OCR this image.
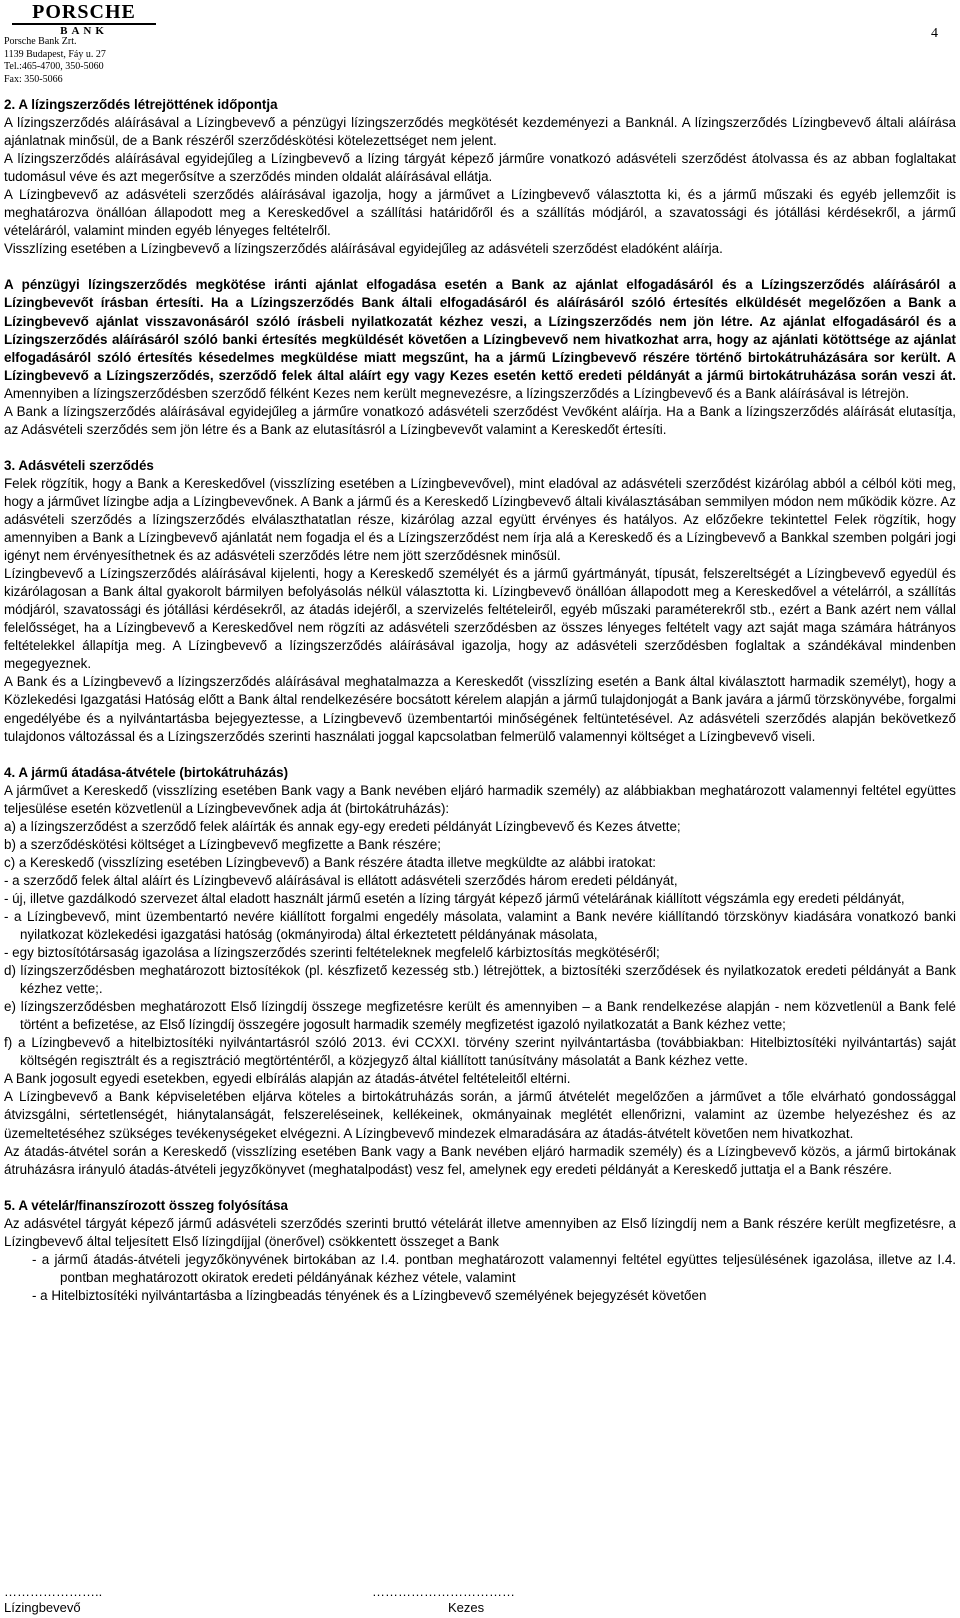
PORSCHE
BANK
Porsche Bank Zrt.
1139 Budapest, Fáy u. 27
Tel.:465-4700, 350-5060
Fax: 350-5066
4
2. A lízingszerződés létrejöttének időpontja

A lízingszerződés aláírásával a Lízingbevevő a pénzügyi lízingszerződés megkötését kezdeményezi a Banknál. A lízingszerződés Lízingbevevő általi aláírása ajánlatnak minősül, de a Bank részéről szerződéskötési kötelezettséget nem jelent.

A lízingszerződés aláírásával egyidejűleg a Lízingbevevő a lízing tárgyát képező járműre vonatkozó adásvételi szerződést átolvassa és az abban foglaltakat tudomásul véve és azt megerősítve a szerződés minden oldalát aláírásával ellátja.

A Lízingbevevő az adásvételi szerződés aláírásával igazolja, hogy a járművet a Lízingbevevő választotta ki, és a jármű műszaki és egyéb jellemzőit is meghatározva önállóan állapodott meg a Kereskedővel a szállítási határidőről és a szállítás módjáról, a szavatossági és jótállási kérdésekről, a jármű vételáráról, valamint minden egyéb lényeges feltételről.

Visszlízing esetében a Lízingbevevő a lízingszerződés aláírásával egyidejűleg az adásvételi szerződést eladóként aláírja.

A pénzügyi lízingszerződés megkötése iránti ajánlat elfogadása esetén a Bank az ajánlat elfogadásáról és a Lízingszerződés aláírásáról a Lízingbevevőt írásban értesíti. Ha a Lízingszerződés Bank általi elfogadásáról és aláírásáról szóló értesítés elküldését megelőzően a Bank a Lízingbevevő ajánlat visszavonásáról szóló írásbeli nyilatkozatát kézhez veszi, a Lízingszerződés nem jön létre. Az ajánlat elfogadásáról és a Lízingszerződés aláírásáról szóló banki értesítés megküldését követően a Lízingbevevő nem hivatkozhat arra, hogy az ajánlati kötöttsége az ajánlat elfogadásáról szóló értesítés késedelmes megküldése miatt megszűnt, ha a jármű Lízingbevevő részére történő birtokátruházására sor került. A Lízingbevevő a Lízingszerződés, szerződő felek által aláírt egy vagy Kezes esetén kettő eredeti példányát a jármű birtokátruházása során veszi át. Amennyiben a lízingszerződésben szerződő félként Kezes nem került megnevezésre, a lízingszerződés a Lízingbevevő és a Bank aláírásával is létrejön.

A Bank a lízingszerződés aláírásával egyidejűleg a járműre vonatkozó adásvételi szerződést Vevőként aláírja. Ha a Bank a lízingszerződés aláírását elutasítja, az Adásvételi szerződés sem jön létre és a Bank az elutasításról a Lízingbevevőt valamint a Kereskedőt értesíti.

3. Adásvételi szerződés

Felek rögzítik, hogy a Bank a Kereskedővel (visszlízing esetében a Lízingbevevővel), mint eladóval az adásvételi szerződést kizárólag abból a célból köti meg, hogy a járművet lízingbe adja a Lízingbevevőnek. A Bank a jármű és a Kereskedő Lízingbevevő általi kiválasztásában semmilyen módon nem működik közre. Az adásvételi szerződés a lízingszerződés elválaszthatatlan része, kizárólag azzal együtt érvényes és hatályos. Az előzőekre tekintettel Felek rögzítik, hogy amennyiben a Bank a Lízingbevevő ajánlatát nem fogadja el és a Lízingszerződést nem írja alá a Kereskedő és a Lízingbevevő a Bankkal szemben polgári jogi igényt nem érvényesíthetnek és az adásvételi szerződés létre nem jött szerződésnek minősül.

Lízingbevevő a Lízingszerződés aláírásával kijelenti, hogy a Kereskedő személyét és a jármű gyártmányát, típusát, felszereltségét a Lízingbevevő egyedül és kizárólagosan a Bank által gyakorolt bármilyen befolyásolás nélkül választotta ki. Lízingbevevő önállóan állapodott meg a Kereskedővel a vételárról, a szállítás módjáról, szavatossági és jótállási kérdésekről, az átadás idejéről, a szervizelés feltételeiről, egyéb műszaki paraméterekről stb., ezért a Bank azért nem vállal felelősséget, ha a Lízingbevevő a Kereskedővel nem rögzíti az adásvételi szerződésben az összes lényeges feltételt vagy azt saját maga számára hátrányos feltételekkel állapítja meg. A Lízingbevevő a lízingszerződés aláírásával igazolja, hogy az adásvételi szerződésben foglaltak a szándékával mindenben megegyeznek.

A Bank és a Lízingbevevő a lízingszerződés aláírásával meghatalmazza a Kereskedőt (visszlízing esetén a Bank által kiválasztott harmadik személyt), hogy a Közlekedési Igazgatási Hatóság előtt a Bank által rendelkezésére bocsátott kérelem alapján a jármű tulajdonjogát a Bank javára a jármű törzskönyvébe, forgalmi engedélyébe és a nyilvántartásba bejegyeztesse, a Lízingbevevő üzembentartói minőségének feltüntetésével. Az adásvételi szerződés alapján bekövetkező tulajdonos változással és a Lízingszerződés szerinti használati joggal kapcsolatban felmerülő valamennyi költséget a Lízingbevevő viseli.

4. A jármű átadása-átvétele (birtokátruházás)

A járművet a Kereskedő (visszlízing esetében Bank vagy a Bank nevében eljáró harmadik személy) az alábbiakban meghatározott valamennyi feltétel együttes teljesülése esetén közvetlenül a Lízingbevevőnek adja át (birtokátruházás):

a) a lízingszerződést a szerződő felek aláírták és annak egy-egy eredeti példányát Lízingbevevő és Kezes átvette;

b) a szerződéskötési költséget a Lízingbevevő megfizette a Bank részére;

c) a Kereskedő (visszlízing esetében Lízingbevevő) a Bank részére átadta illetve megküldte az alábbi iratokat:

- a szerződő felek által aláírt és Lízingbevevő aláírásával is ellátott adásvételi szerződés három eredeti példányát,

- új, illetve gazdálkodó szervezet által eladott használt jármű esetén a lízing tárgyát képező jármű vételárának kiállított végszámla egy eredeti példányát,

- a Lízingbevevő, mint üzembentartó nevére kiállított forgalmi engedély másolata, valamint a Bank nevére kiállítandó törzskönyv kiadására vonatkozó banki nyilatkozat közlekedési igazgatási hatóság (okmányiroda) által érkeztetett példányának másolata,

- egy biztosítótársaság igazolása a lízingszerződés szerinti feltételeknek megfelelő kárbiztosítás megkötéséről;

d) lízingszerződésben meghatározott biztosítékok (pl. készfizető kezesség stb.) létrejöttek, a biztosítéki szerződések és nyilatkozatok eredeti példányát a Bank kézhez vette;.

e) lízingszerződésben meghatározott Első lízingdíj összege megfizetésre került és amennyiben – a Bank rendelkezése alapján - nem közvetlenül a Bank felé történt a befizetése, az Első lízingdíj összegére jogosult harmadik személy megfizetést igazoló nyilatkozatát a Bank kézhez vette;

f) a Lízingbevevő a hitelbiztosítéki nyilvántartásról szóló 2013. évi CCXXI. törvény szerint nyilvántartásba (továbbiakban: Hitelbiztosítéki nyilvántartás) saját költségén regisztrált és a regisztráció megtörténtéről, a közjegyző által kiállított tanúsítvány másolatát a Bank kézhez vette.

A Bank jogosult egyedi esetekben, egyedi elbírálás alapján az átadás-átvétel feltételeitől eltérni.

A Lízingbevevő a Bank képviseletében eljárva köteles a birtokátruházás során, a jármű átvételét megelőzően a járművet a tőle elvárható gondossággal átvizsgálni, sértetlenségét, hiánytalanságát, felszereléseinek, kellékeinek, okmányainak meglétét ellenőrizni, valamint az üzembe helyezéshez és az üzemeltetéséhez szükséges tevékenységeket elvégezni. A Lízingbevevő mindezek elmaradására az átadás-átvételt követően nem hivatkozhat.

Az átadás-átvétel során a Kereskedő (visszlízing esetében Bank vagy a Bank nevében eljáró harmadik személy) és a Lízingbevevő közös, a jármű birtokának átruházásra irányuló átadás-átvételi jegyzőkönyvet (meghatalpodást) vesz fel, amelynek egy eredeti példányát a Kereskedő juttatja el a Bank részére.

5. A vételár/finanszírozott összeg folyósítása

Az adásvétel tárgyát képező jármű adásvételi szerződés szerinti bruttó vételárát illetve amennyiben az Első lízingdíj nem a Bank részére került megfizetésre, a Lízingbevevő által teljesített Első lízingdíjjal (önerővel) csökkentett összeget a Bank

- a jármű átadás-átvételi jegyzőkönyvének birtokában az I.4. pontban meghatározott valamennyi feltétel együttes teljesülésének igazolása, illetve az I.4. pontban meghatározott okiratok eredeti példányának kézhez vétele, valamint

- a Hitelbiztosítéki nyilvántartásba a lízingbeadás tényének és a Lízingbevevő személyének bejegyzését követően

…………………..
Lízingbevevő
……………………………
Kezes
